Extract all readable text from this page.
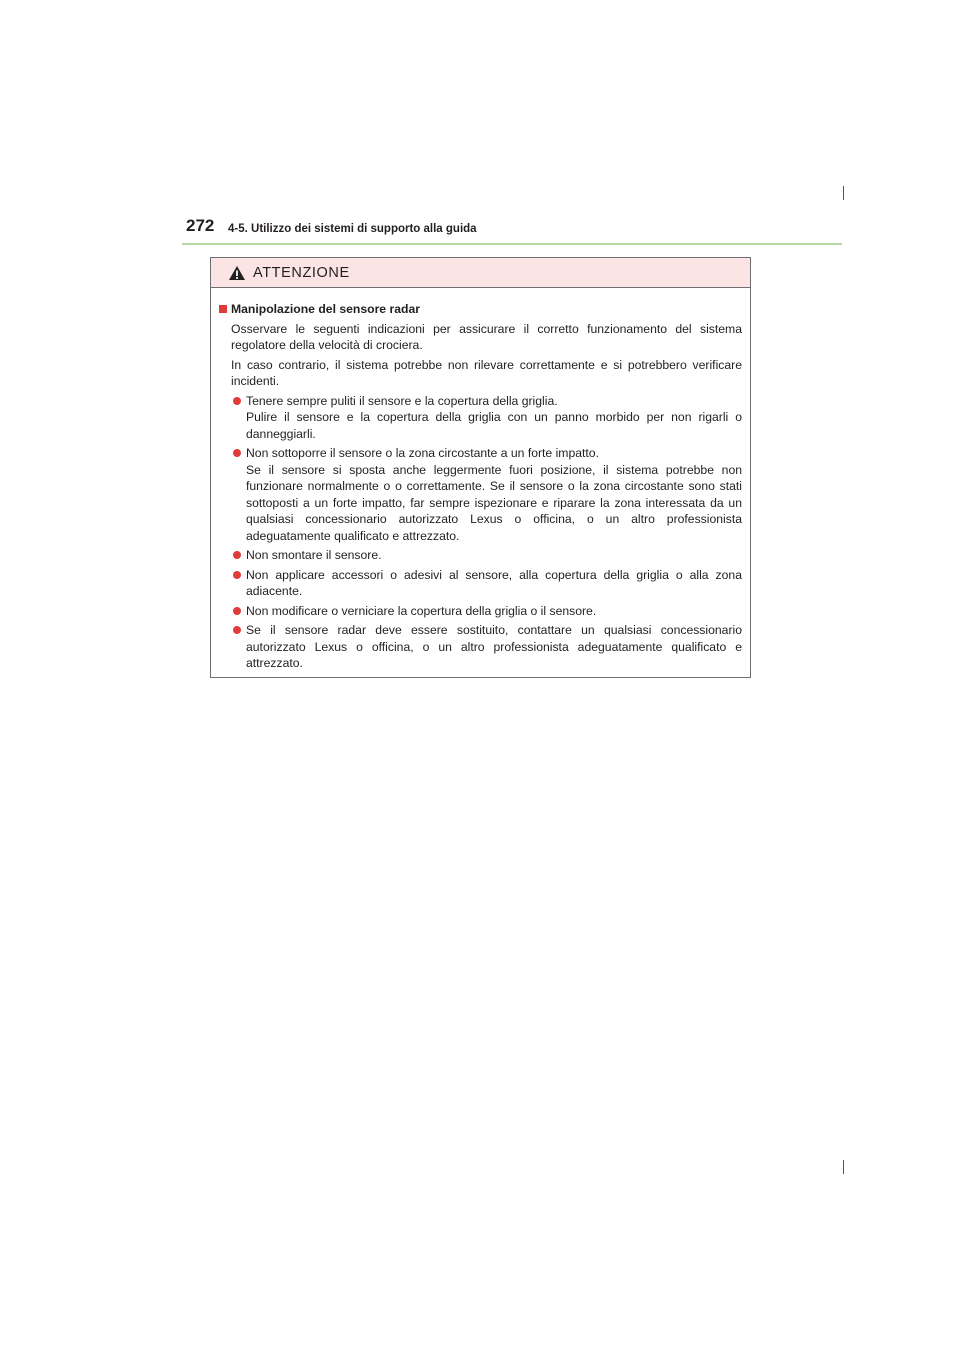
272 4-5. Utilizzo dei sistemi di supporto alla guida
ATTENZIONE
Manipolazione del sensore radar
Osservare le seguenti indicazioni per assicurare il corretto funzionamento del sistema regolatore della velocità di crociera.
In caso contrario, il sistema potrebbe non rilevare correttamente e si potrebbero verificare incidenti.
Tenere sempre puliti il sensore e la copertura della griglia.
Pulire il sensore e la copertura della griglia con un panno morbido per non rigarli o danneggiarli.
Non sottoporre il sensore o la zona circostante a un forte impatto.
Se il sensore si sposta anche leggermente fuori posizione, il sistema potrebbe non funzionare normalmente o o correttamente. Se il sensore o la zona circostante sono stati sottoposti a un forte impatto, far sempre ispezionare e riparare la zona interessata da un qualsiasi concessionario autorizzato Lexus o officina, o un altro professionista adeguatamente qualificato e attrezzato.
Non smontare il sensore.
Non applicare accessori o adesivi al sensore, alla copertura della griglia o alla zona adiacente.
Non modificare o verniciare la copertura della griglia o il sensore.
Se il sensore radar deve essere sostituito, contattare un qualsiasi concessionario autorizzato Lexus o officina, o un altro professionista adeguatamente qualificato e attrezzato.
